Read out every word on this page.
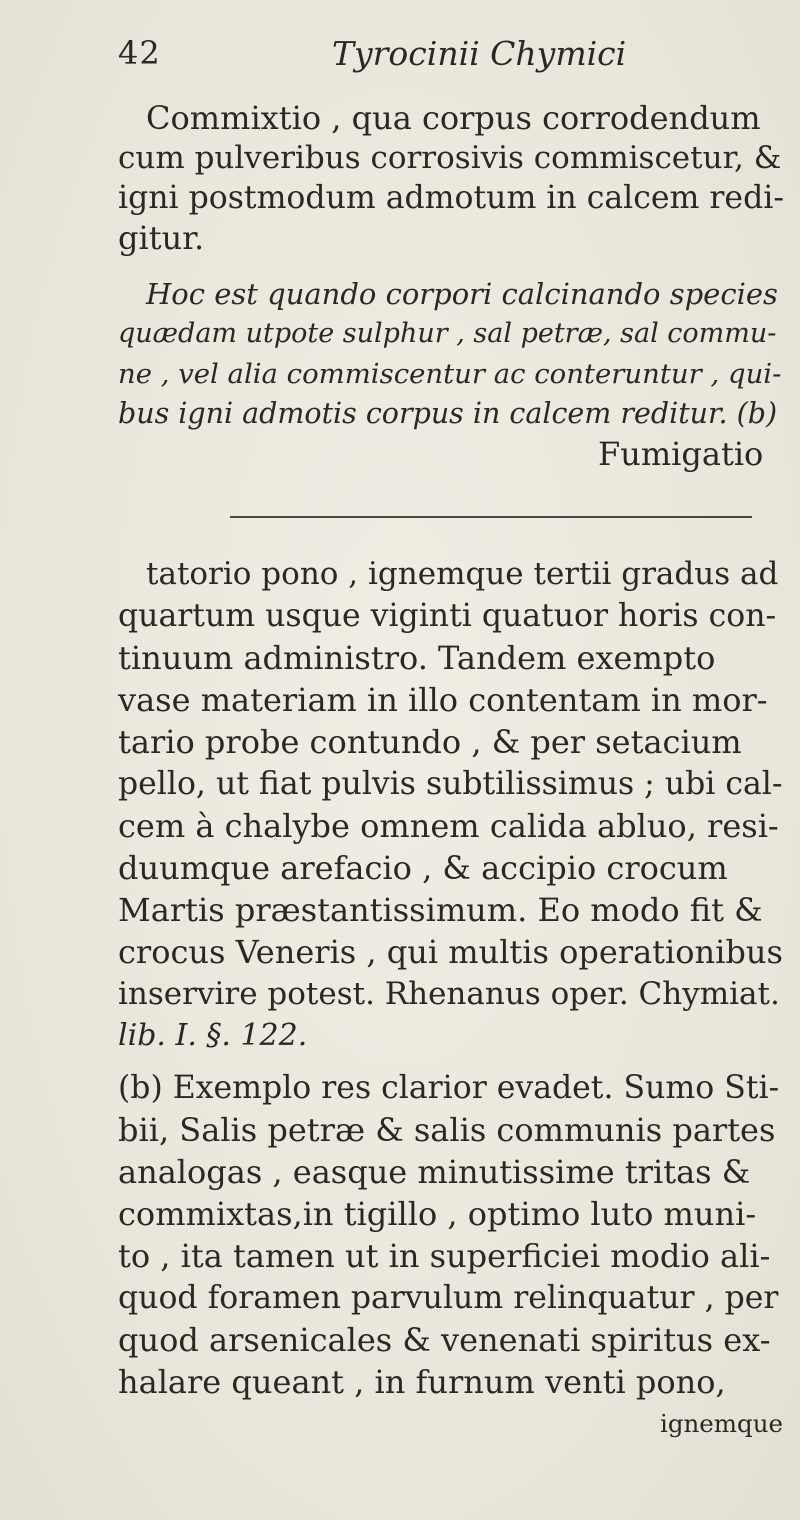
42	Tyrocinii Chymici
Commixtio , qua corpus corrodendum
cum pulveribus corrosivis commiscetur, &
igni postmodum admotum in calcem redi-
gitur.
Hoc est quando corpori calcinando species
quædam utpote sulphur , sal petræ, sal commu-
ne , vel alia commiscentur ac conteruntur , qui-
bus igni admotis corpus in calcem reditur. (b)
Fumigatio
tatorio pono , ignemque tertii gradus ad
quartum usque viginti quatuor horis con-
tinuum administro. Tandem exempto
vase materiam in illo contentam in mor-
tario probe contundo , & per setacium
pello, ut fiat pulvis subtilissimus ; ubi cal-
cem à chalybe omnem calida abluo, resi-
duumque arefacio , & accipio crocum
Martis præstantissimum. Eo modo fit &
crocus Veneris , qui multis operationibus
inservire potest. Rhenanus oper. Chymiat.
lib. I. §. 122.
(b) Exemplo res clarior evadet. Sumo Sti-
bii, Salis petræ & salis communis partes
analogas , easque minutissime tritas &
commixtas,in tigillo , optimo luto muni-
to , ita tamen ut in superficiei modio ali-
quod foramen parvulum relinquatur , per
quod arsenicales & venenati spiritus ex-
halare queant , in furnum venti pono,
ignemque
